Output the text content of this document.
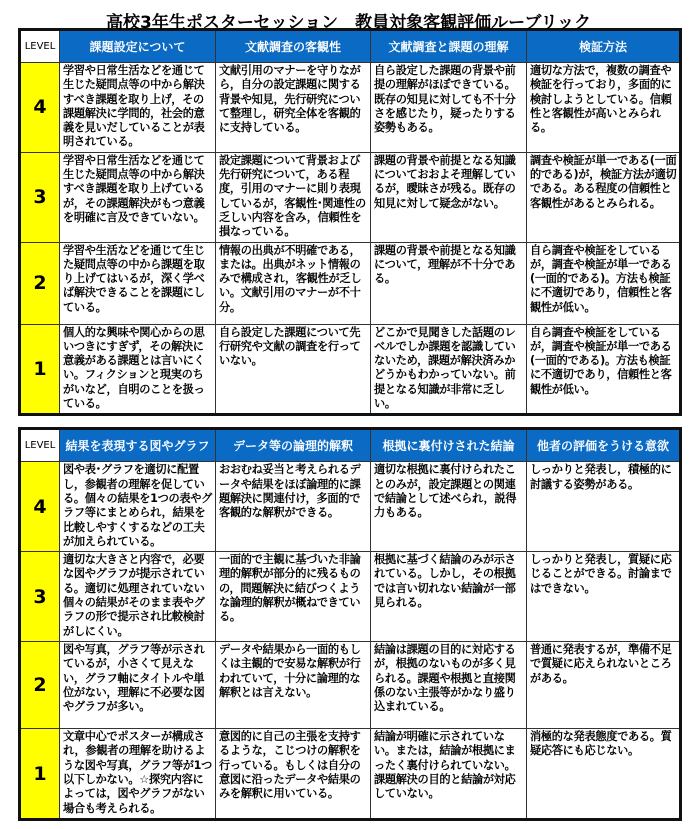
高校3年生ポスターセッション　教員対象客観評価ルーブリック
LEVEL	課題設定について	文献調査の客観性	文献調査と課題の理解	検証方法
4	学習や日常生活などを通じて生じた疑問点等の中から解決すべき課題を取り上げ，その課題解決に学問的，社会的意義を見いだしていることが表明されている。	文献引用のマナーを守りながら，自分の設定課題に関する背景や知見，先行研究について整理し，研究全体を客観的に支持している。	自ら設定した課題の背景や前提の理解がほぼできている。既存の知見に対しても不十分さを感じたり，疑ったりする姿勢もある。	適切な方法で，複数の調査や検証を行っており，多面的に検討しようとしている。信頼性と客観性が高いとみられる。
3	学習や日常生活などを通じて生じた疑問点等の中から解決すべき課題を取り上げているが，その課題解決がもつ意義を明確に言及できていない。	設定課題について背景および先行研究について，ある程度，引用のマナーに則り表現しているが，客観性･関連性の乏しい内容を含み，信頼性を損なっている。	課題の背景や前提となる知識についておおよそ理解しているが，曖昧さが残る。既存の知見に対して疑念がない。	調査や検証が単一である(一面的である)が，検証方法が適切である。ある程度の信頼性と客観性があるとみられる。
2	学習や生活などを通じて生じた疑問点等の中から課題を取り上げてはいるが，深く学べば解決できることを課題にしている。	情報の出典が不明確である，または。出典がネット情報のみで構成され，客観性が乏しい。文献引用のマナーが不十分。	課題の背景や前提となる知識について，理解が不十分である。	自ら調査や検証をしているが，調査や検証が単一である(一面的である)。方法も検証に不適切であり，信頼性と客観性が低い。
1	個人的な興味や関心からの思いつきにすぎず，その解決に意義がある課題とは言いにくい。フィクションと現実のちがいなど，自明のことを扱っている。	自ら設定した課題について先行研究や文献の調査を行っていない。	どこかで見聞きした話題のレベルでしか課題を認識していないため，課題が解決済みかどうかもわかっていない。前提となる知識が非常に乏しい。	自ら調査や検証をしているが，調査や検証が単一である(一面的である)。方法も検証に不適切であり，信頼性と客観性が低い。
LEVEL	結果を表現する図やグラフ	データ等の論理的解釈	根拠に裏付けされた結論	他者の評価をうける意欲
4	図や表･グラフを適切に配置し，参観者の理解を促している。個々の結果を1つの表やグラフ等にまとめられ，結果を比較しやすくするなどの工夫が加えられている。	おおむね妥当と考えられるデータや結果をほぼ論理的に課題解決に関連付け，多面的で客観的な解釈ができる。	適切な根拠に裏付けられたことのみが，設定課題との関連で結論として述べられ，説得力もある。	しっかりと発表し，積極的に討議する姿勢がある。
3	適切な大きさと内容で，必要な図やグラフが提示されている。適切に処理されていない個々の結果がそのまま表やグラフの形で提示され比較検討がしにくい。	一面的で主観に基づいた非論理的解釈が部分的に残るものの，問題解決に結びつくような論理的解釈が概ねできている。	根拠に基づく結論のみが示されている。しかし，その根拠では言い切れない結論が一部見られる。	しっかりと発表し，質疑に応じることができる。討論まではできない。
2	図や写真，グラフ等が示されているが，小さくて見えない，グラフ軸にタイトルや単位がない，理解に不必要な図やグラフが多い。	データや結果から一面的もしくは主観的で安易な解釈が行われていて，十分に論理的な解釈とは言えない。	結論は課題の目的に対応するが，根拠のないものが多く見られる。課題や根拠と直接関係のない主張等がかなり盛り込まれている。	普通に発表するが，準備不足で質疑に応えられないところがある。
1	文章中心でポスターが構成され，参観者の理解を助けるような図や写真，グラフ等が1つ以下しかない。☆探究内容によっては，図やグラフがない場合も考えられる。	意図的に自己の主張を支持するような，こじつけの解釈を行っている。もしくは自分の意図に沿ったデータや結果のみを解釈に用いている。	結論が明確に示されていない。または，結論が根拠にまったく裏付けられていない。課題解決の目的と結論が対応していない。	消極的な発表態度である。質疑応答にも応じない。
